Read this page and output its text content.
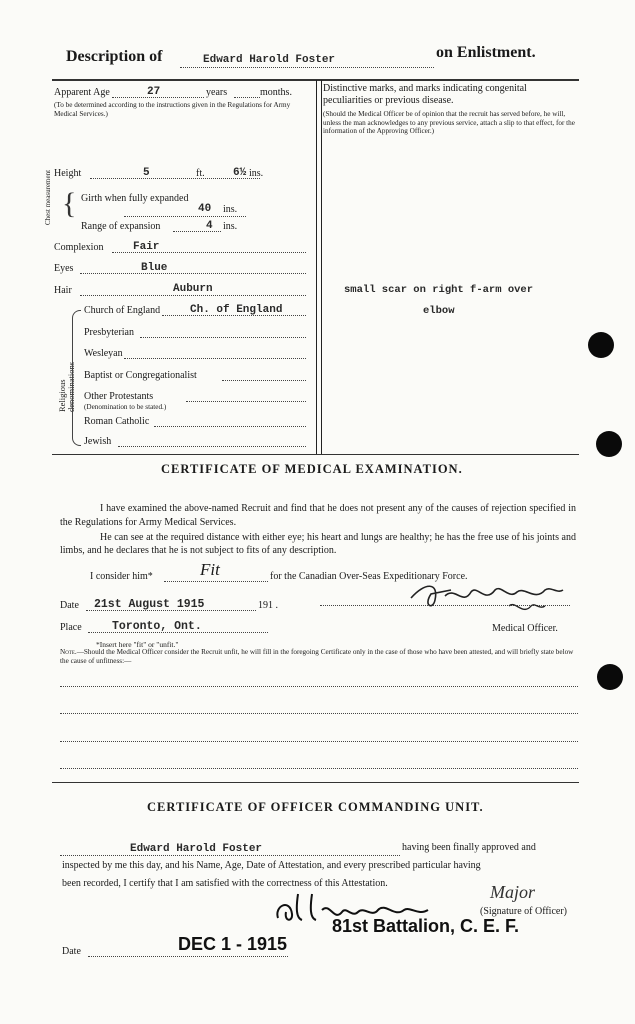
Description of	Edward Harold Foster	on Enlistment.
Apparent Age	27	years	months.
(To be determined according to the instructions given in the Regulations for Army Medical Services.)
Height	5	ft.	6½ ins.
Chest measurement { Girth when fully expanded
40 ins.
Range of expansion	4 ins.
Complexion	Fair
Eyes	Blue
Hair	Auburn
Religious denominations
Church of England	Ch. of England
Presbyterian
Wesleyan
Baptist or Congregationalist
Other Protestants
(Denomination to be stated.)
Roman Catholic
Jewish
Distinctive marks, and marks indicating congenital peculiarities or previous disease.
(Should the Medical Officer be of opinion that the recruit has served before, he will, unless the man acknowledges to any previous service, attach a slip to that effect, for the information of the Approving Officer.)
small scar on right f-arm over
elbow
CERTIFICATE OF MEDICAL EXAMINATION.
I have examined the above-named Recruit and find that he does not present any of the causes of rejection specified in the Regulations for Army Medical Services.
He can see at the required distance with either eye; his heart and lungs are healthy; he has the free use of his joints and limbs, and he declares that he is not subject to fits of any description.
I consider him*	Fit	for the Canadian Over-Seas Expeditionary Force.
Date 21st August 1915	191 .
Place	Toronto, Ont.	Medical Officer.
*Insert here "fit" or "unfit."
Note.—Should the Medical Officer consider the Recruit unfit, he will fill in the foregoing Certificate only in the case of those who have been attested, and will briefly state below the cause of unfitness:—
CERTIFICATE OF OFFICER COMMANDING UNIT.
Edward Harold Foster	having been finally approved and
inspected by me this day, and his Name, Age, Date of Attestation, and every prescribed particular having
been recorded, I certify that I am satisfied with the correctness of this Attestation.	Major
(Signature of Officer)
81st Battalion, C. E. F.
Date	DEC 1 - 1915
